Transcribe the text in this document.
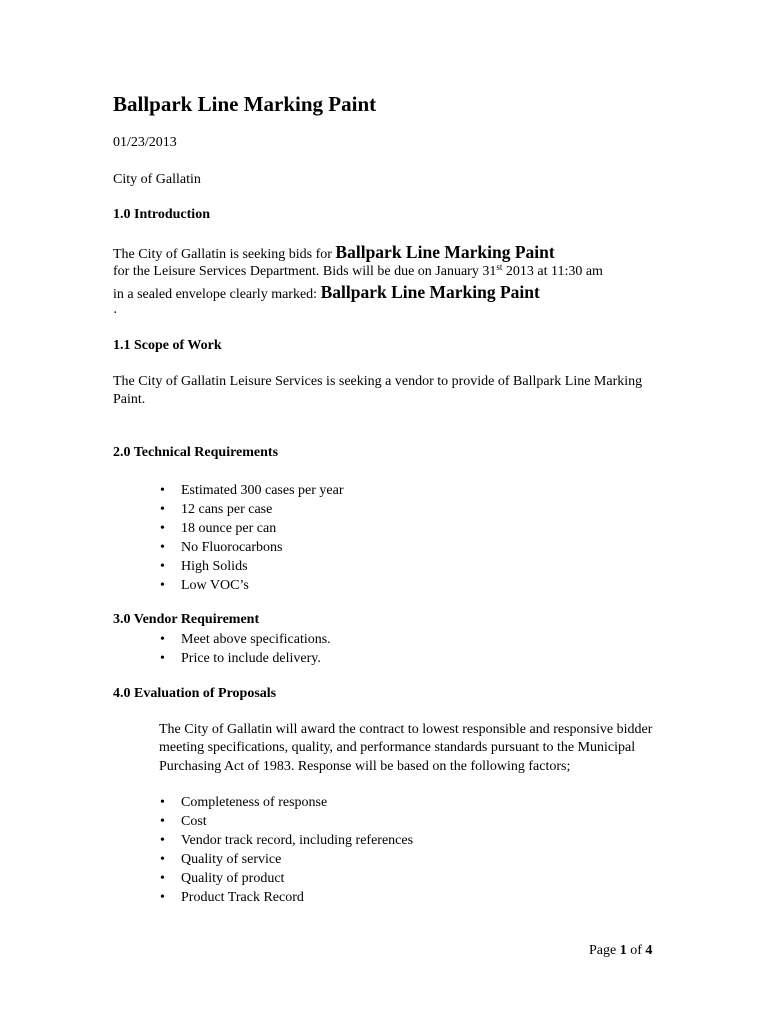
Ballpark Line Marking Paint
01/23/2013
City of Gallatin
1.0 Introduction
The City of Gallatin is seeking bids for Ballpark Line Marking Paint
for the Leisure Services Department. Bids will be due on January 31st 2013 at 11:30 am
in a sealed envelope clearly marked: Ballpark Line Marking Paint
.
1.1 Scope of Work
The City of Gallatin Leisure Services is seeking a vendor to provide of Ballpark Line Marking Paint.
2.0 Technical Requirements
• Estimated 300 cases per year
• 12 cans per case
• 18 ounce per can
• No Fluorocarbons
• High Solids
• Low VOC’s
3.0 Vendor Requirement
• Meet above specifications.
• Price to include delivery.
4.0 Evaluation of Proposals
The City of Gallatin will award the contract to lowest responsible and responsive bidder meeting specifications, quality, and performance standards pursuant to the Municipal Purchasing Act of 1983. Response will be based on the following factors;
• Completeness of response
• Cost
• Vendor track record, including references
• Quality of service
• Quality of product
• Product Track Record
Page 1 of 4
